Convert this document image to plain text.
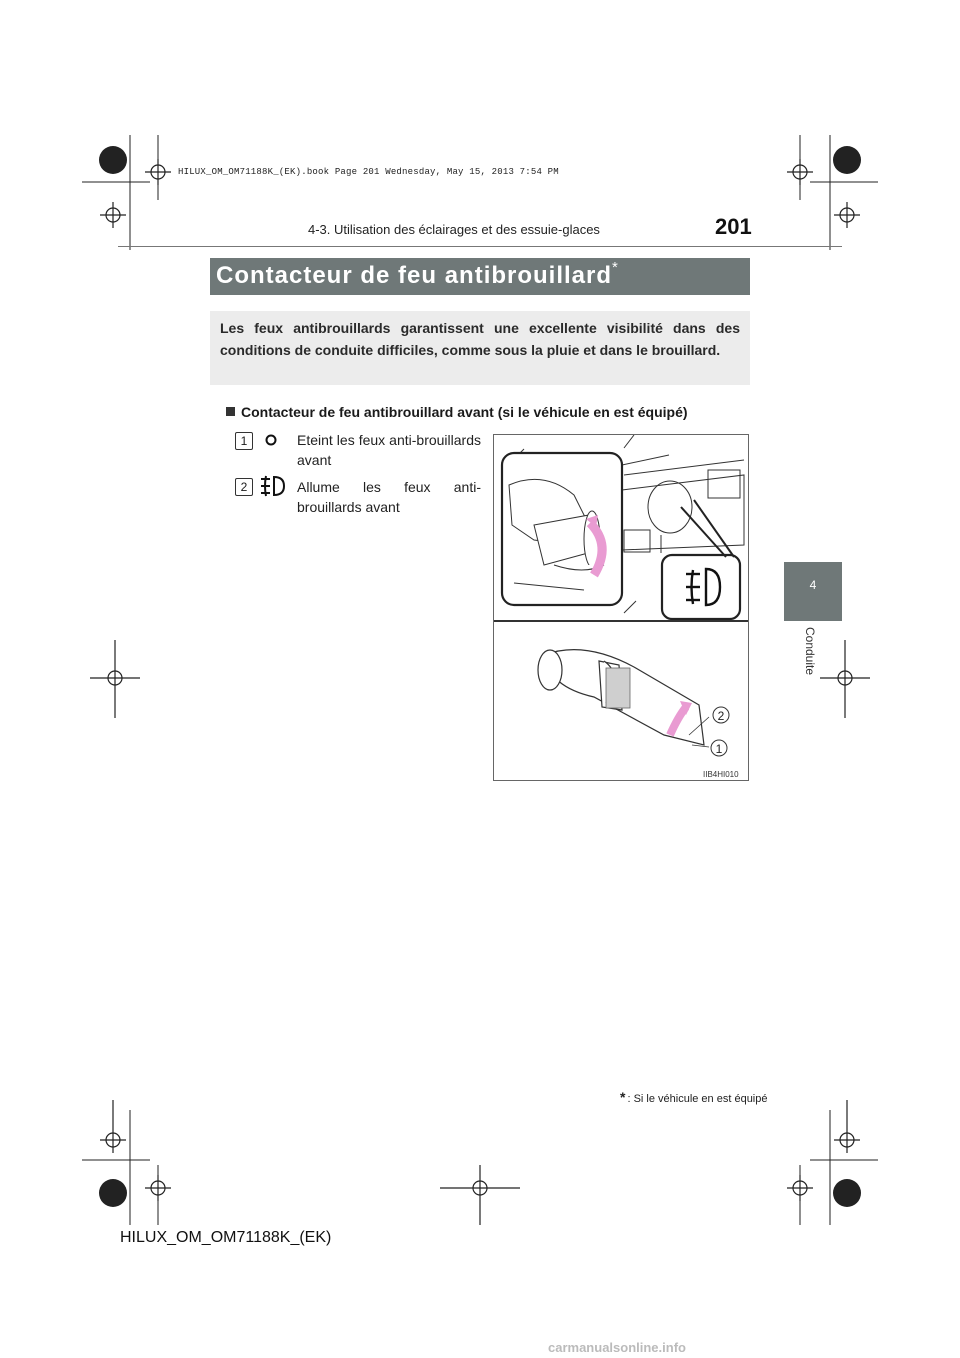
HILUX_OM_OM71188K_(EK).book Page 201 Wednesday, May 15, 2013 7:54 PM
4-3. Utilisation des éclairages et des essuie-glaces	201
Contacteur de feu antibrouillard*

Les feux antibrouillards garantissent une excellente visibilité dans des conditions de conduite difficiles, comme sous la pluie et dans le brouillard.

4
Conduite
Contacteur de feu antibrouillard avant (si le véhicule en est équipé)
1	Eteint les feux anti-brouillards avant
2	Allume les feux anti-brouillards avant
2
1
IIB4HI010
* : Si le véhicule en est équipé
HILUX_OM_OM71188K_(EK)
carmanualsonline.info
